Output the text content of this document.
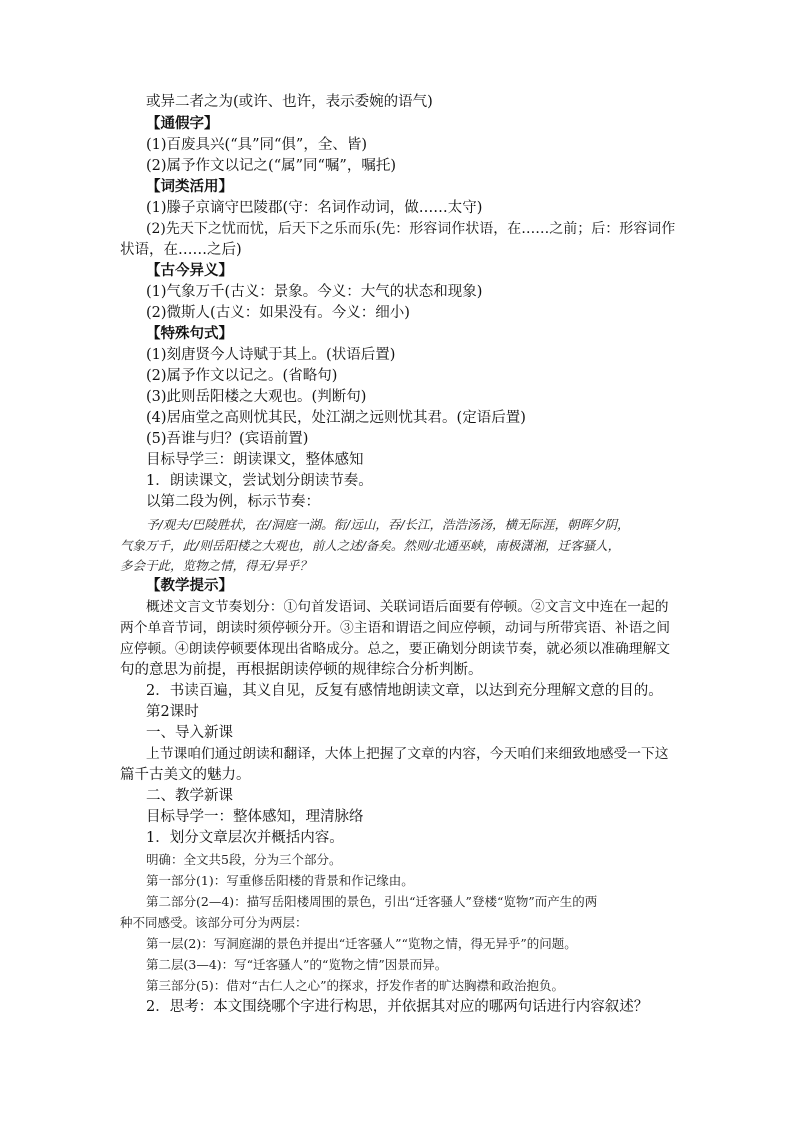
或异二者之为(或许、也许，表示委婉的语气)

【通假字】

(1)百废具兴(“具”同“俱”，全、皆)

(2)属予作文以记之(“属”同“嘱”，嘱托)

【词类活用】

(1)滕子京谪守巴陵郡(守：名词作动词，做……太守)

(2)先天下之忧而忧，后天下之乐而乐(先：形容词作状语，在……之前；后：形容词作

状语，在……之后)

【古今异义】

(1)气象万千(古义：景象。今义：大气的状态和现象)

(2)微斯人(古义：如果没有。今义：细小)

【特殊句式】

(1)刻唐贤今人诗赋于其上。(状语后置)

(2)属予作文以记之。(省略句)

(3)此则岳阳楼之大观也。(判断句)

(4)居庙堂之高则忧其民，处江湖之远则忧其君。(定语后置)

(5)吾谁与归？(宾语前置)

目标导学三：朗读课文，整体感知

1．朗读课文，尝试划分朗读节奏。

以第二段为例，标示节奏：

予/观夫/巴陵胜状，在/洞庭一湖。衔/远山，吞/长江，浩浩汤汤，横无际涯，朝晖夕阴，

气象万千，此/则岳阳楼之大观也，前人之述/备矣。然则/北通巫峡，南极潇湘，迁客骚人，

多会于此，览物之情，得无/异乎？

【教学提示】

概述文言文节奏划分：①句首发语词、关联词语后面要有停顿。②文言文中连在一起的

两个单音节词，朗读时须停顿分开。③主语和谓语之间应停顿，动词与所带宾语、补语之间

应停顿。④朗读停顿要体现出省略成分。总之，要正确划分朗读节奏，就必须以准确理解文

句的意思为前提，再根据朗读停顿的规律综合分析判断。

2．书读百遍，其义自见，反复有感情地朗读文章，以达到充分理解文意的目的。

第2课时

一、导入新课

上节课咱们通过朗读和翻译，大体上把握了文章的内容，今天咱们来细致地感受一下这

篇千古美文的魅力。

二、教学新课

目标导学一：整体感知，理清脉络

1．划分文章层次并概括内容。

明确：全文共5段，分为三个部分。

第一部分(1)：写重修岳阳楼的背景和作记缘由。

第二部分(2—4)：描写岳阳楼周围的景色，引出“迁客骚人”登楼“览物”而产生的两

种不同感受。该部分可分为两层：

第一层(2)：写洞庭湖的景色并提出“迁客骚人”“览物之情，得无异乎”的问题。

第二层(3—4)：写“迁客骚人”的“览物之情”因景而异。

第三部分(5)：借对“古仁人之心”的探求，抒发作者的旷达胸襟和政治抱负。

2．思考：本文围绕哪个字进行构思，并依据其对应的哪两句话进行内容叙述？
